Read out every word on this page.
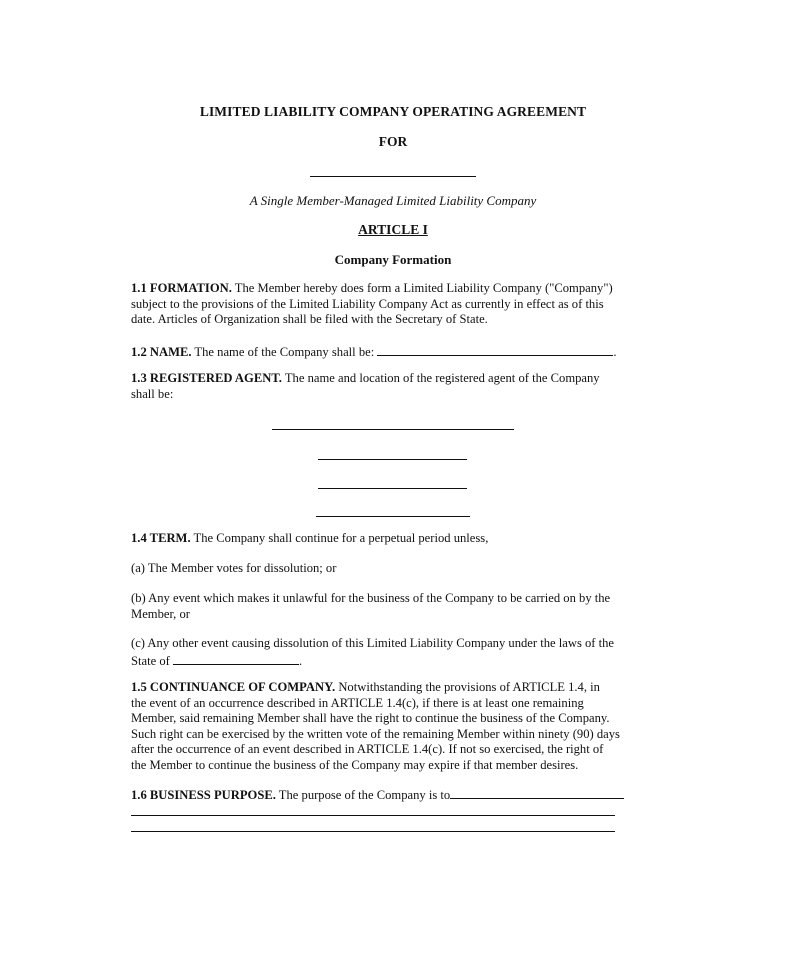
LIMITED LIABILITY COMPANY OPERATING AGREEMENT
FOR
A Single Member-Managed Limited Liability Company
ARTICLE I
Company Formation
1.1 FORMATION. The Member hereby does form a Limited Liability Company ("Company")
subject to the provisions of the Limited Liability Company Act as currently in effect as of this
date. Articles of Organization shall be filed with the Secretary of State.
1.2 NAME. The name of the Company shall be:	.
1.3 REGISTERED AGENT. The name and location of the registered agent of the Company
shall be:
1.4 TERM. The Company shall continue for a perpetual period unless,
(a) The Member votes for dissolution; or
(b) Any event which makes it unlawful for the business of the Company to be carried on by the
Member, or
(c) Any other event causing dissolution of this Limited Liability Company under the laws of the
State of	.
1.5 CONTINUANCE OF COMPANY. Notwithstanding the provisions of ARTICLE 1.4, in
the event of an occurrence described in ARTICLE 1.4(c), if there is at least one remaining
Member, said remaining Member shall have the right to continue the business of the Company.
Such right can be exercised by the written vote of the remaining Member within ninety (90) days
after the occurrence of an event described in ARTICLE 1.4(c). If not so exercised, the right of
the Member to continue the business of the Company may expire if that member desires.
1.6 BUSINESS PURPOSE. The purpose of the Company is to
